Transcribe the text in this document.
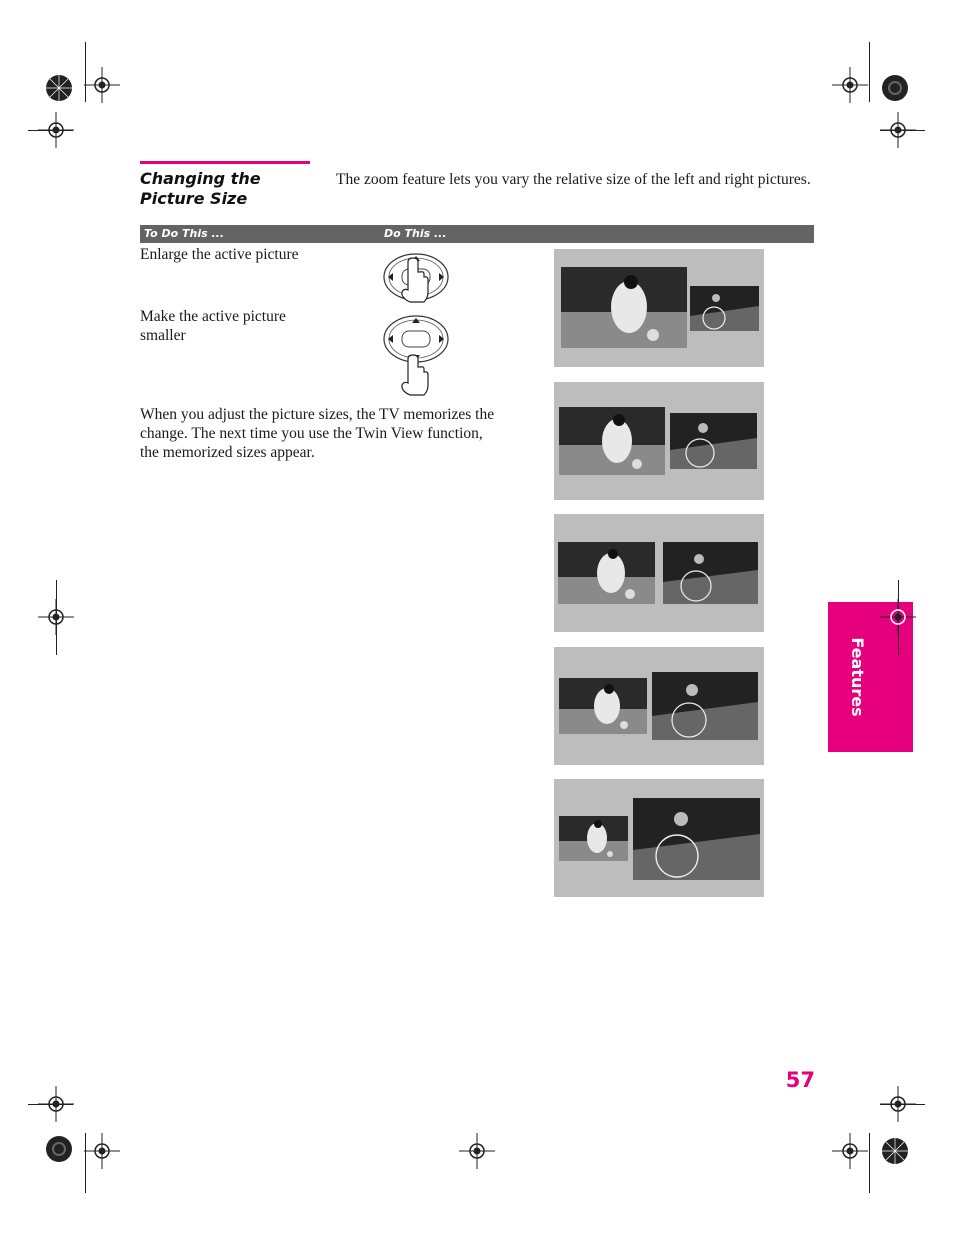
Changing the
Picture Size
The zoom feature lets you vary the relative size of the left and right pictures.
To Do This ...	Do This ...
Enlarge the active picture
Make the active picture
smaller
When you adjust the picture sizes, the TV memorizes the change. The next time you use the Twin View function, the memorized sizes appear.
Features
57
